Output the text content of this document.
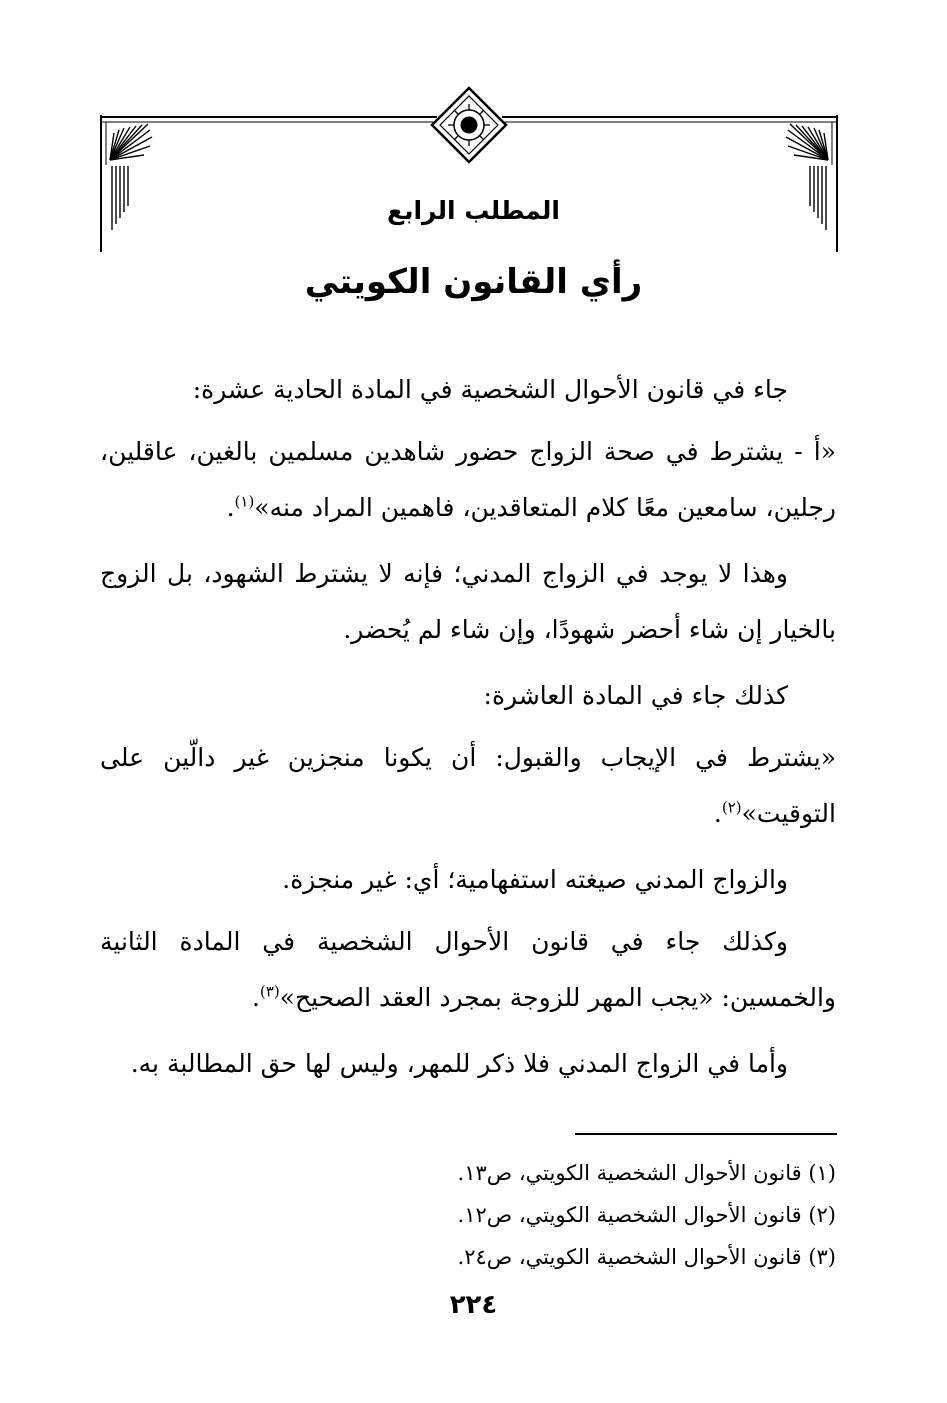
المطلب الرابع
رأي القانون الكويتي

جاء في قانون الأحوال الشخصية في المادة الحادية عشرة:

«أ - يشترط في صحة الزواج حضور شاهدين مسلمين بالغين، عاقلين، رجلين، سامعين معًا كلام المتعاقدين، فاهمين المراد منه»$^{(١)}$.

وهذا لا يوجد في الزواج المدني؛ فإنه لا يشترط الشهود، بل الزوج بالخيار إن شاء أحضر شهودًا، وإن شاء لم يُحضر.

كذلك جاء في المادة العاشرة:

«يشترط في الإيجاب والقبول: أن يكونا منجزين غير دالّين على التوقيت»$^{(٢)}$.

والزواج المدني صيغته استفهامية؛ أي: غير منجزة.

وكذلك جاء في قانون الأحوال الشخصية في المادة الثانية والخمسين: «يجب المهر للزوجة بمجرد العقد الصحيح»$^{(٣)}$.

وأما في الزواج المدني فلا ذكر للمهر، وليس لها حق المطالبة به.

(١) قانون الأحوال الشخصية الكويتي، ص١٣.
(٢) قانون الأحوال الشخصية الكويتي، ص١٢.
(٣) قانون الأحوال الشخصية الكويتي، ص٢٤.
٢٢٤
